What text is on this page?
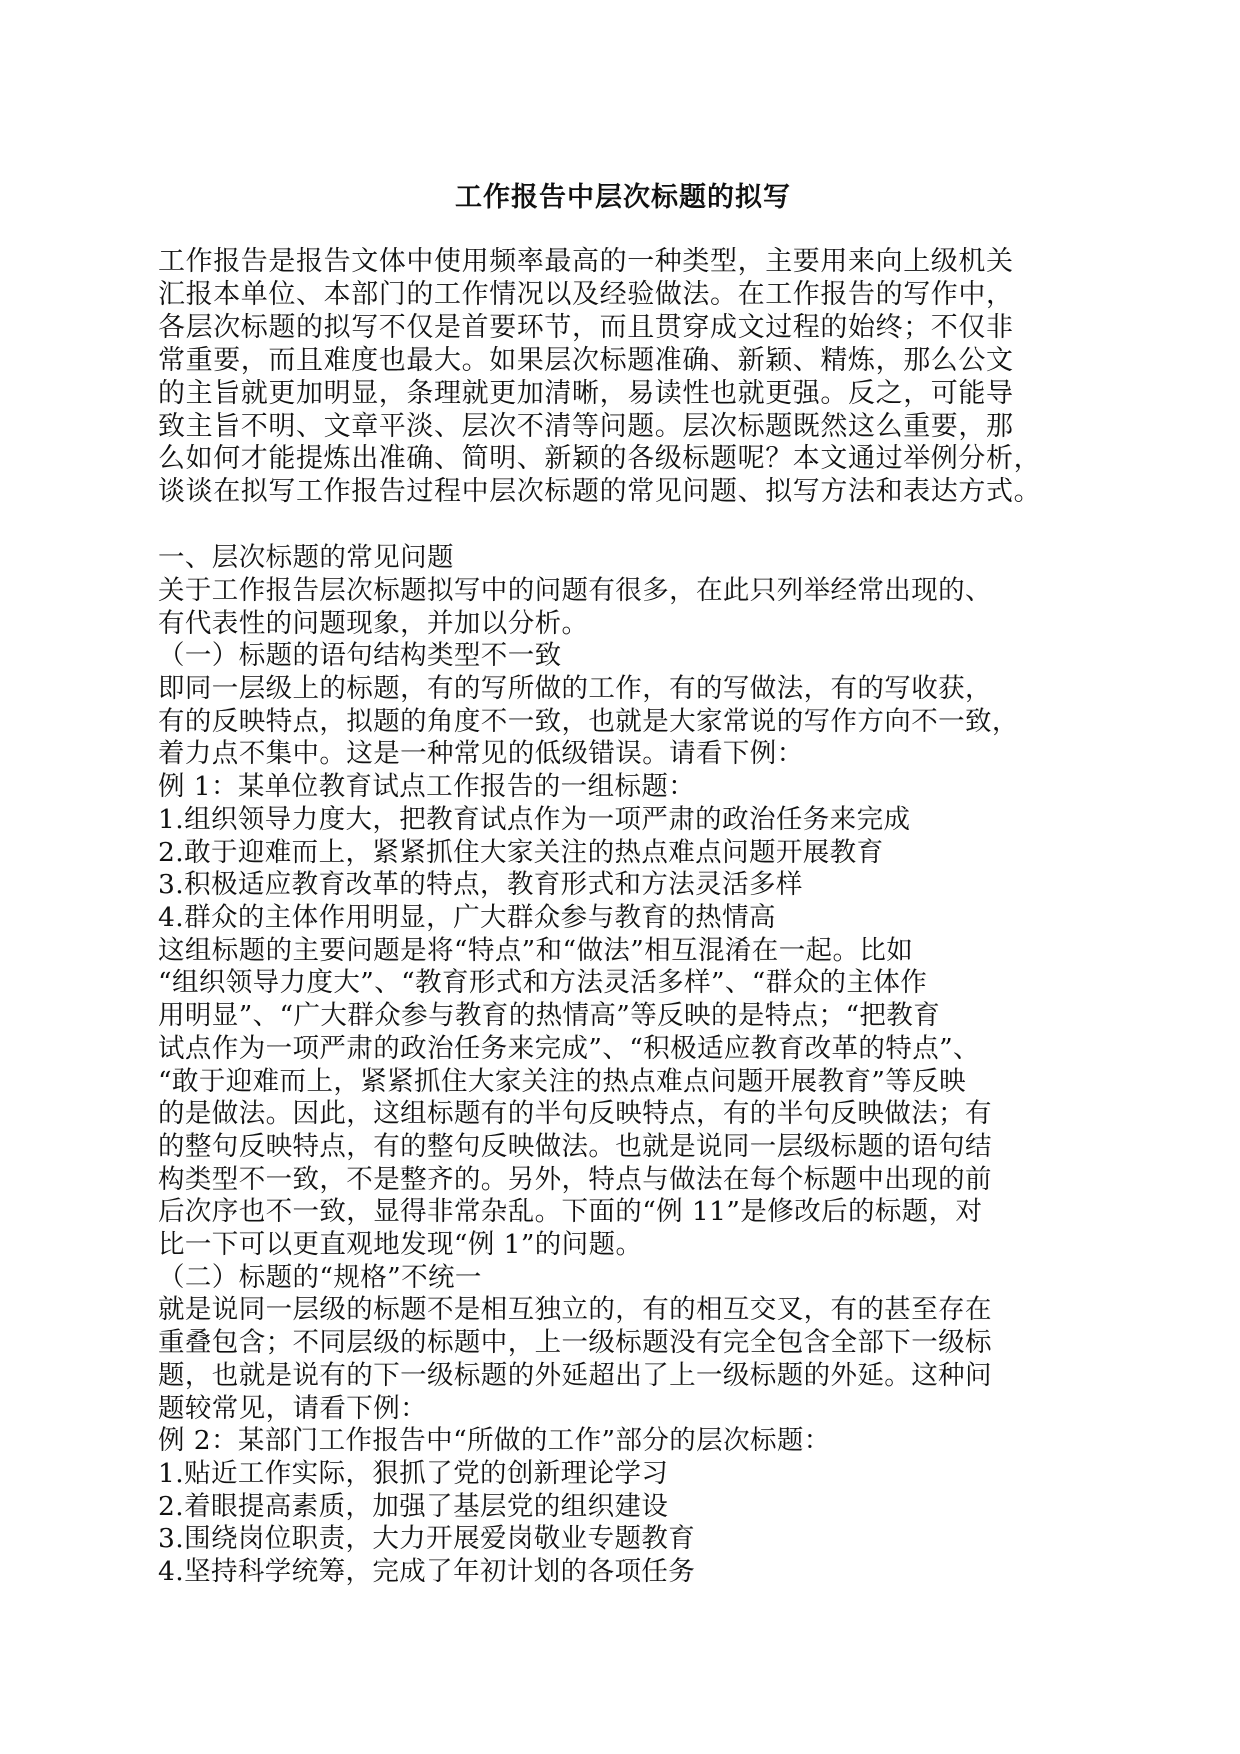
工作报告中层次标题的拟写
工作报告是报告文体中使用频率最高的一种类型，主要用来向上级机关
汇报本单位、本部门的工作情况以及经验做法。在工作报告的写作中，
各层次标题的拟写不仅是首要环节，而且贯穿成文过程的始终；不仅非
常重要，而且难度也最大。如果层次标题准确、新颖、精炼，那么公文
的主旨就更加明显，条理就更加清晰，易读性也就更强。反之，可能导
致主旨不明、文章平淡、层次不清等问题。层次标题既然这么重要，那
么如何才能提炼出准确、简明、新颖的各级标题呢？本文通过举例分析，
谈谈在拟写工作报告过程中层次标题的常见问题、拟写方法和表达方式。
一、层次标题的常见问题
关于工作报告层次标题拟写中的问题有很多，在此只列举经常出现的、
有代表性的问题现象，并加以分析。
（一）标题的语句结构类型不一致
即同一层级上的标题，有的写所做的工作，有的写做法，有的写收获，
有的反映特点，拟题的角度不一致，也就是大家常说的写作方向不一致，
着力点不集中。这是一种常见的低级错误。请看下例：
例 1：某单位教育试点工作报告的一组标题：
1.组织领导力度大，把教育试点作为一项严肃的政治任务来完成
2.敢于迎难而上，紧紧抓住大家关注的热点难点问题开展教育
3.积极适应教育改革的特点，教育形式和方法灵活多样
4.群众的主体作用明显，广大群众参与教育的热情高
这组标题的主要问题是将“特点”和“做法”相互混淆在一起。比如
“组织领导力度大”、“教育形式和方法灵活多样”、“群众的主体作
用明显”、“广大群众参与教育的热情高”等反映的是特点；“把教育
试点作为一项严肃的政治任务来完成”、“积极适应教育改革的特点”、
“敢于迎难而上，紧紧抓住大家关注的热点难点问题开展教育”等反映
的是做法。因此，这组标题有的半句反映特点，有的半句反映做法；有
的整句反映特点，有的整句反映做法。也就是说同一层级标题的语句结
构类型不一致，不是整齐的。另外，特点与做法在每个标题中出现的前
后次序也不一致，显得非常杂乱。下面的“例 11”是修改后的标题，对
比一下可以更直观地发现“例 1”的问题。
（二）标题的“规格”不统一
就是说同一层级的标题不是相互独立的，有的相互交叉，有的甚至存在
重叠包含；不同层级的标题中，上一级标题没有完全包含全部下一级标
题，也就是说有的下一级标题的外延超出了上一级标题的外延。这种问
题较常见，请看下例：
例 2：某部门工作报告中“所做的工作”部分的层次标题：
1.贴近工作实际，狠抓了党的创新理论学习
2.着眼提高素质，加强了基层党的组织建设
3.围绕岗位职责，大力开展爱岗敬业专题教育
4.坚持科学统筹，完成了年初计划的各项任务
